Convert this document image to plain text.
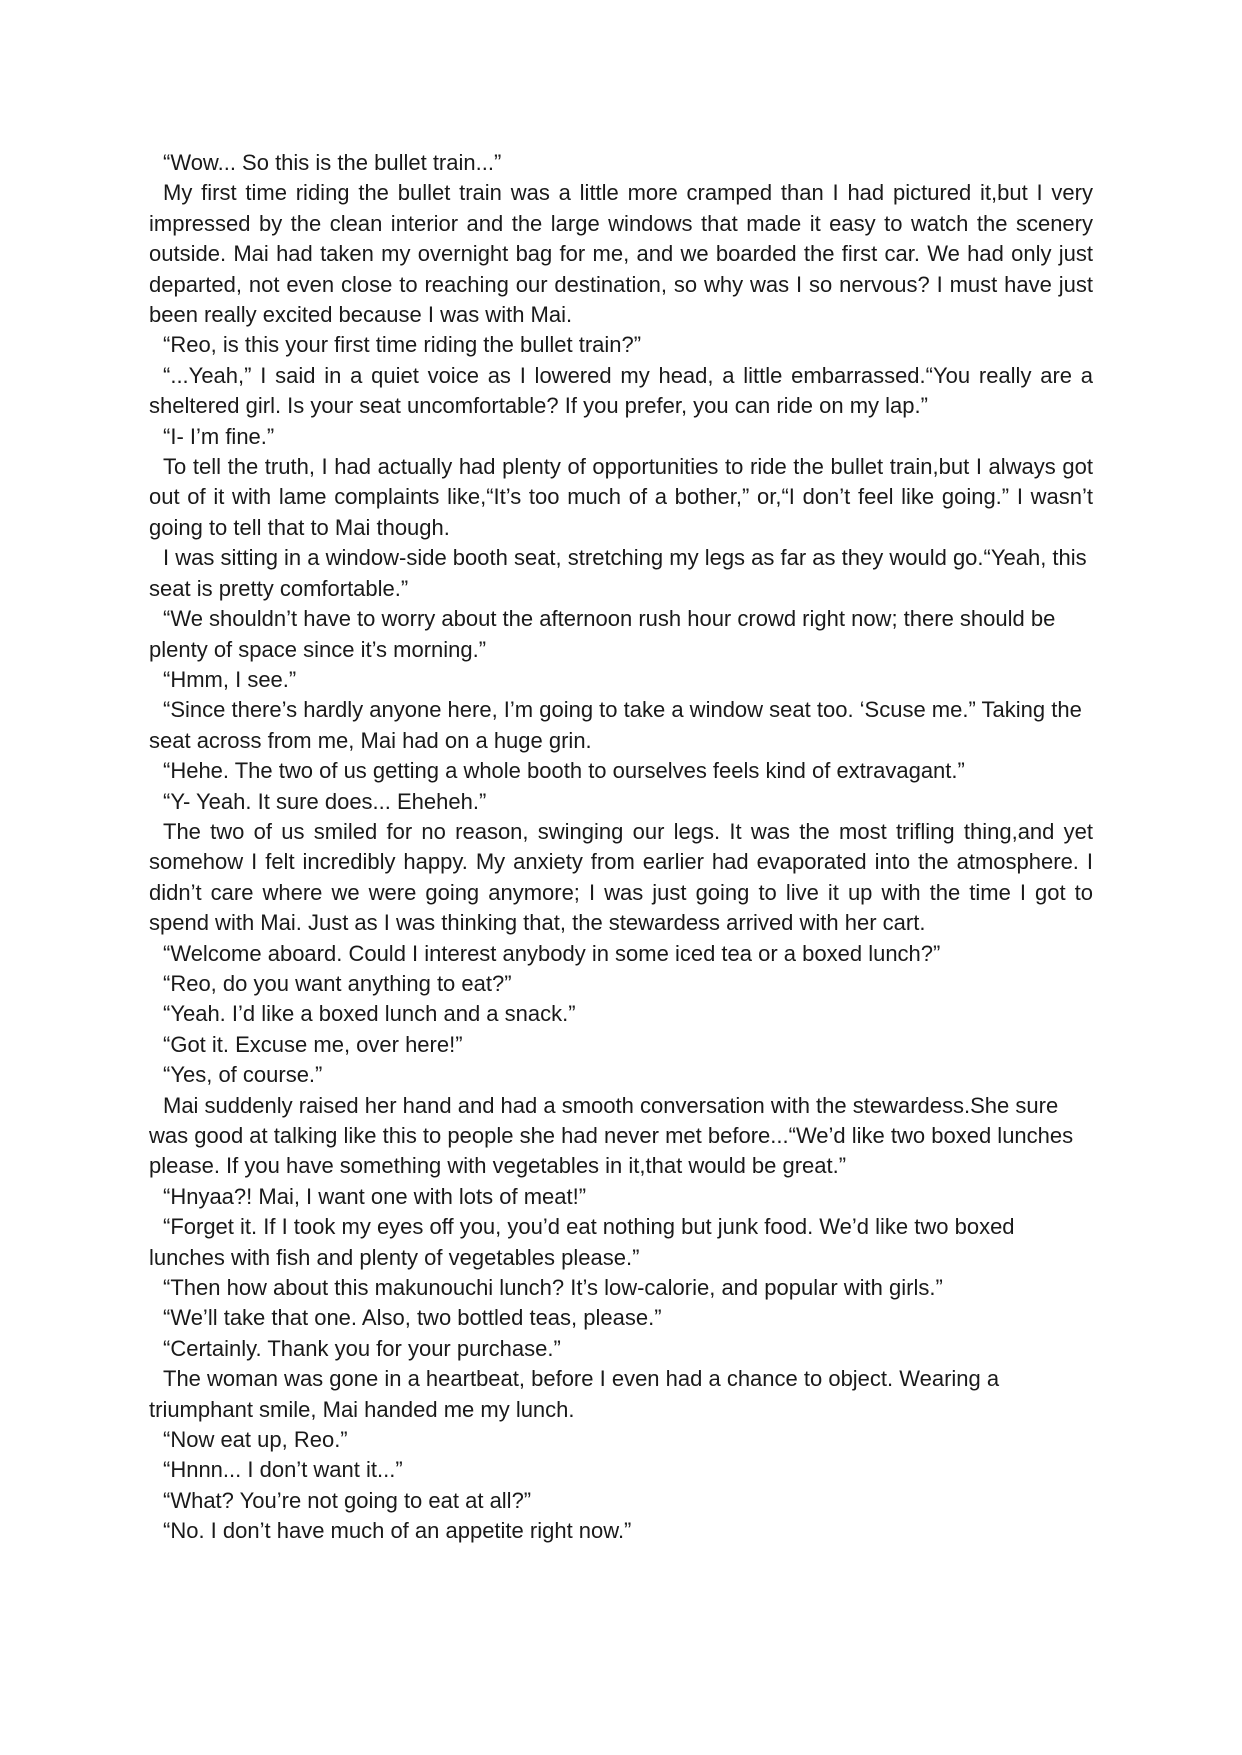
“Wow... So this is the bullet train...”

My first time riding the bullet train was a little more cramped than I had pictured it,but I very impressed by the clean interior and the large windows that made it easy to watch the scenery outside. Mai had taken my overnight bag for me, and we boarded the first car. We had only just departed, not even close to reaching our destination, so why was I so nervous? I must have just been really excited because I was with Mai.

“Reo, is this your first time riding the bullet train?”

“...Yeah,” I said in a quiet voice as I lowered my head, a little embarrassed.“You really are a sheltered girl. Is your seat uncomfortable? If you prefer, you can ride on my lap.”

“I- I’m fine.”

To tell the truth, I had actually had plenty of opportunities to ride the bullet train,but I always got out of it with lame complaints like,“It’s too much of a bother,” or,“I don’t feel like going.” I wasn’t going to tell that to Mai though.

I was sitting in a window-side booth seat, stretching my legs as far as they would go.“Yeah, this seat is pretty comfortable.”

“We shouldn’t have to worry about the afternoon rush hour crowd right now; there should be plenty of space since it’s morning.”

“Hmm, I see.”

“Since there’s hardly anyone here, I’m going to take a window seat too. ‘Scuse me.” Taking the seat across from me, Mai had on a huge grin.

“Hehe. The two of us getting a whole booth to ourselves feels kind of extravagant.”

“Y- Yeah. It sure does... Eheheh.”

The two of us smiled for no reason, swinging our legs. It was the most trifling thing,and yet somehow I felt incredibly happy. My anxiety from earlier had evaporated into the atmosphere. I didn’t care where we were going anymore; I was just going to live it up with the time I got to spend with Mai. Just as I was thinking that, the stewardess arrived with her cart.

“Welcome aboard. Could I interest anybody in some iced tea or a boxed lunch?”

“Reo, do you want anything to eat?”

“Yeah. I’d like a boxed lunch and a snack.”

“Got it. Excuse me, over here!”

“Yes, of course.”

Mai suddenly raised her hand and had a smooth conversation with the stewardess.She sure was good at talking like this to people she had never met before...“We’d like two boxed lunches please. If you have something with vegetables in it,that would be great.”

“Hnyaa?! Mai, I want one with lots of meat!”

“Forget it. If I took my eyes off you, you’d eat nothing but junk food. We’d like two boxed lunches with fish and plenty of vegetables please.”

“Then how about this makunouchi lunch? It’s low-calorie, and popular with girls.”

“We’ll take that one. Also, two bottled teas, please.”

“Certainly. Thank you for your purchase.”

The woman was gone in a heartbeat, before I even had a chance to object. Wearing a triumphant smile, Mai handed me my lunch.

“Now eat up, Reo.”

“Hnnn... I don’t want it...”

“What? You’re not going to eat at all?”

“No. I don’t have much of an appetite right now.”
